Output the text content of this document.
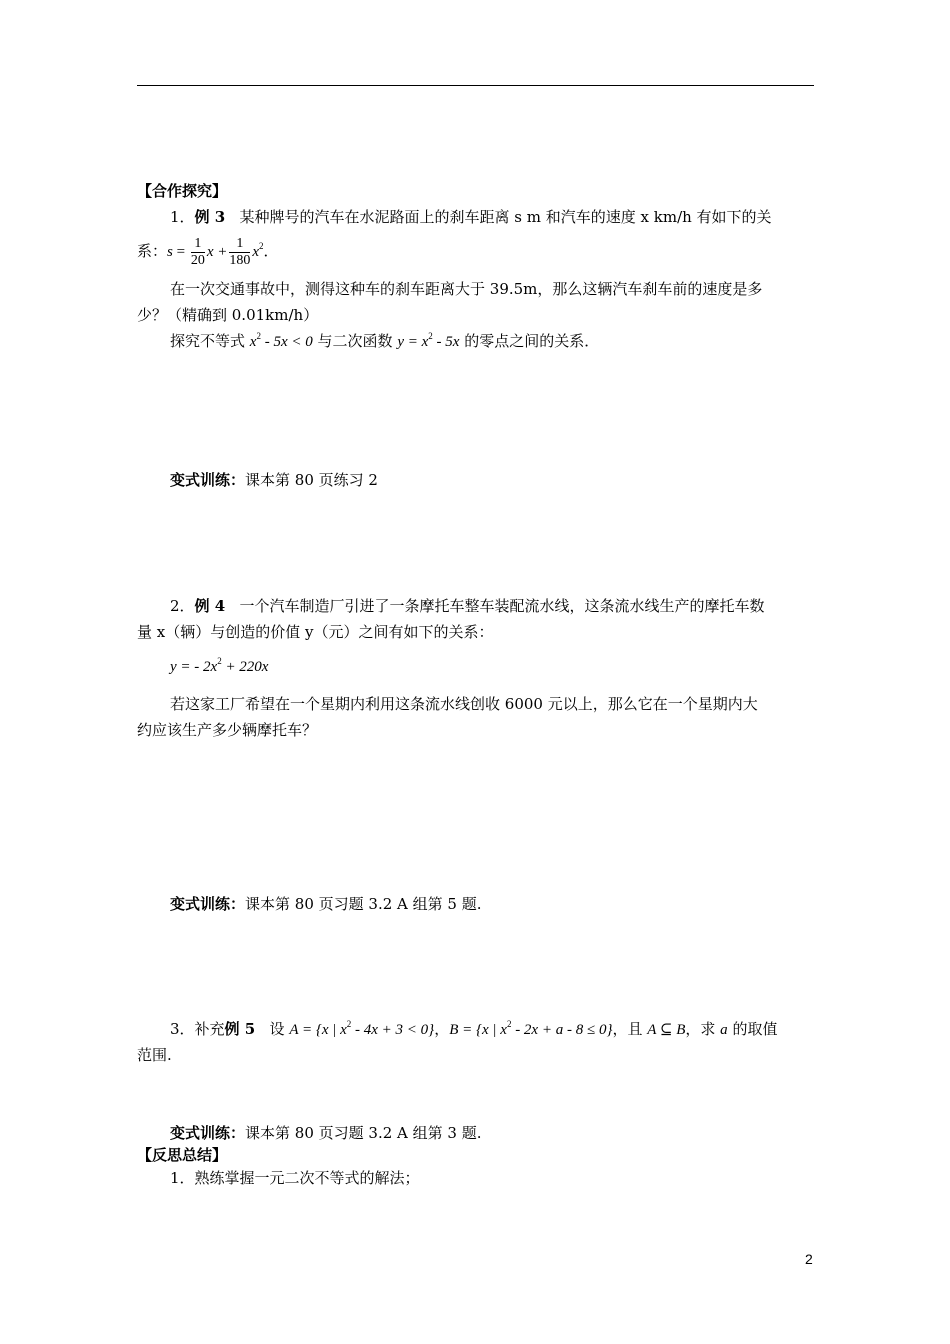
【合作探究】
1．例 3 某种牌号的汽车在水泥路面上的刹车距离 s m 和汽车的速度 x km/h 有如下的关
系：$s = \frac{1}{20}$ $x + \frac{1}{180} x^2$．
在一次交通事故中，测得这种车的刹车距离大于 39.5m，那么这辆汽车刹车前的速度是多
少？（精确到 0.01km/h）
探究不等式 $x^2 - 5x < 0$ 与二次函数 $y = x^2 - 5x$ 的零点之间的关系．
变式训练：课本第 80 页练习 2
2．例 4 一个汽车制造厂引进了一条摩托车整车装配流水线，这条流水线生产的摩托车数
量 x（辆）与创造的价值 y（元）之间有如下的关系：
y = - $2x^2 + 220x$
若这家工厂希望在一个星期内利用这条流水线创收 6000 元以上，那么它在一个星期内大
约应该生产多少辆摩托车？
变式训练：课本第 80 页习题 3.2 A 组第 5 题.
3．补充例 5 设 A = {x | $x^2 - 4x + 3 < 0$}，B = {x | $x^2 - 2x + a - 8 \le 0$}，且 A ⊆ B，求 a 的取值
范围.
变式训练：课本第 80 页习题 3.2 A 组第 3 题.
【反思总结】
1．熟练掌握一元二次不等式的解法；
2
